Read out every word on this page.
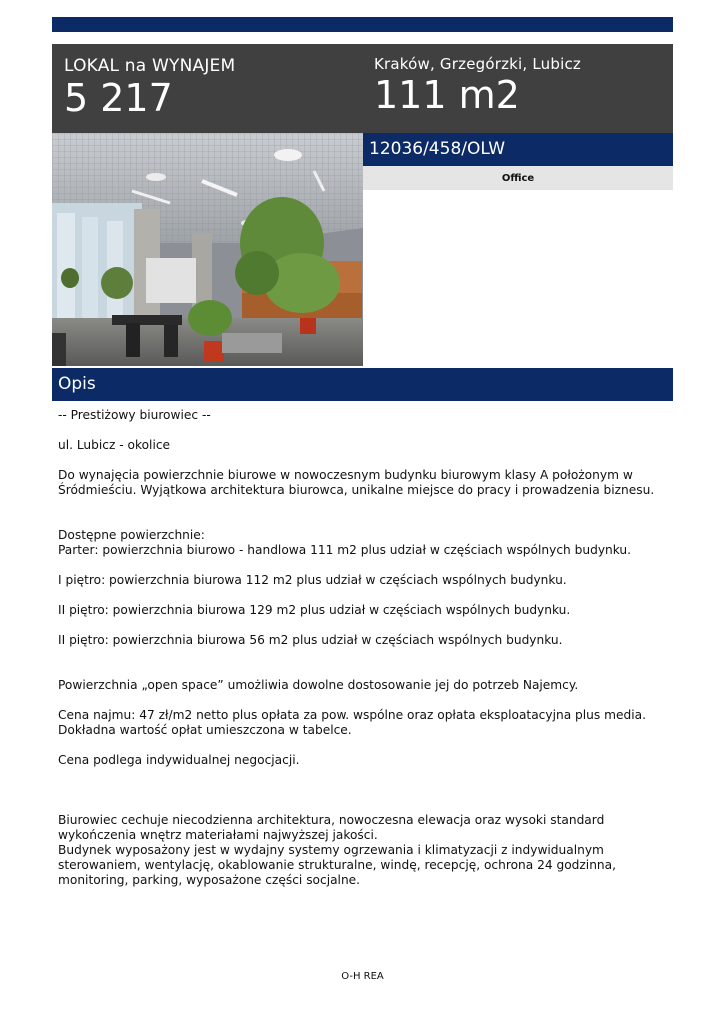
LOKAL na WYNAJEM
5 217
Kraków, Grzegórzki, Lubicz
111 m2
12036/458/OLW
Office
Opis

-- Prestiżowy biurowiec --

ul. Lubicz - okolice

Do wynajęcia powierzchnie biurowe w nowoczesnym budynku biurowym klasy A położonym w

Śródmieściu. Wyjątkowa architektura biurowca, unikalne miejsce do pracy i prowadzenia biznesu.

Dostępne powierzchnie:

Parter: powierzchnia biurowo - handlowa 111 m2 plus udział w częściach wspólnych budynku.

I piętro: powierzchnia biurowa 112 m2 plus udział w częściach wspólnych budynku.

II piętro: powierzchnia biurowa 129 m2 plus udział w częściach wspólnych budynku.

II piętro: powierzchnia biurowa 56 m2 plus udział w częściach wspólnych budynku.

Powierzchnia „open space” umożliwia dowolne dostosowanie jej do potrzeb Najemcy.

Cena najmu: 47 zł/m2 netto plus opłata za pow. wspólne oraz opłata eksploatacyjna plus media.

Dokładna wartość opłat umieszczona w tabelce.

Cena podlega indywidualnej negocjacji.

Biurowiec cechuje niecodzienna architektura, nowoczesna elewacja oraz wysoki standard

wykończenia wnętrz materiałami najwyższej jakości.

Budynek wyposażony jest w wydajny systemy ogrzewania i klimatyzacji z indywidualnym

sterowaniem, wentylację, okablowanie strukturalne, windę, recepcję, ochrona 24 godzinna,

monitoring, parking, wyposażone części socjalne.

O-H REA
